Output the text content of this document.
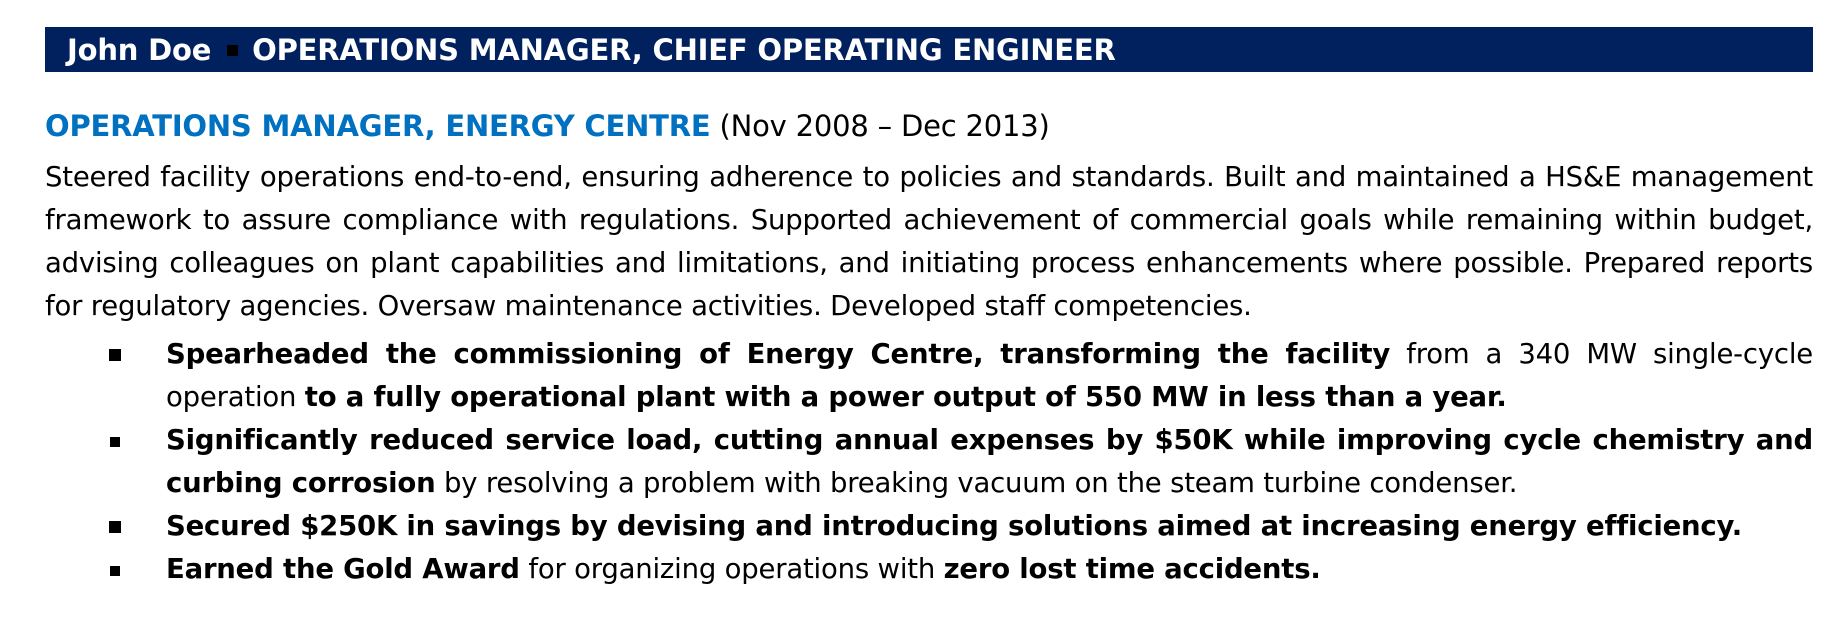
John Doe OPERATIONS MANAGER, CHIEF OPERATING ENGINEER
OPERATIONS MANAGER, ENERGY CENTRE (Nov 2008 – Dec 2013)
Steered facility operations end-to-end, ensuring adherence to policies and standards. Built and maintained a HS&E management framework to assure compliance with regulations. Supported achievement of commercial goals while remaining within budget, advising colleagues on plant capabilities and limitations, and initiating process enhancements where possible. Prepared reports for regulatory agencies. Oversaw maintenance activities. Developed staff competencies.
Spearheaded the commissioning of Energy Centre, transforming the facility from a 340 MW single-cycle operation to a fully operational plant with a power output of 550 MW in less than a year.
Significantly reduced service load, cutting annual expenses by $50K while improving cycle chemistry and curbing corrosion by resolving a problem with breaking vacuum on the steam turbine condenser.
Secured $250K in savings by devising and introducing solutions aimed at increasing energy efficiency.
Earned the Gold Award for organizing operations with zero lost time accidents.
